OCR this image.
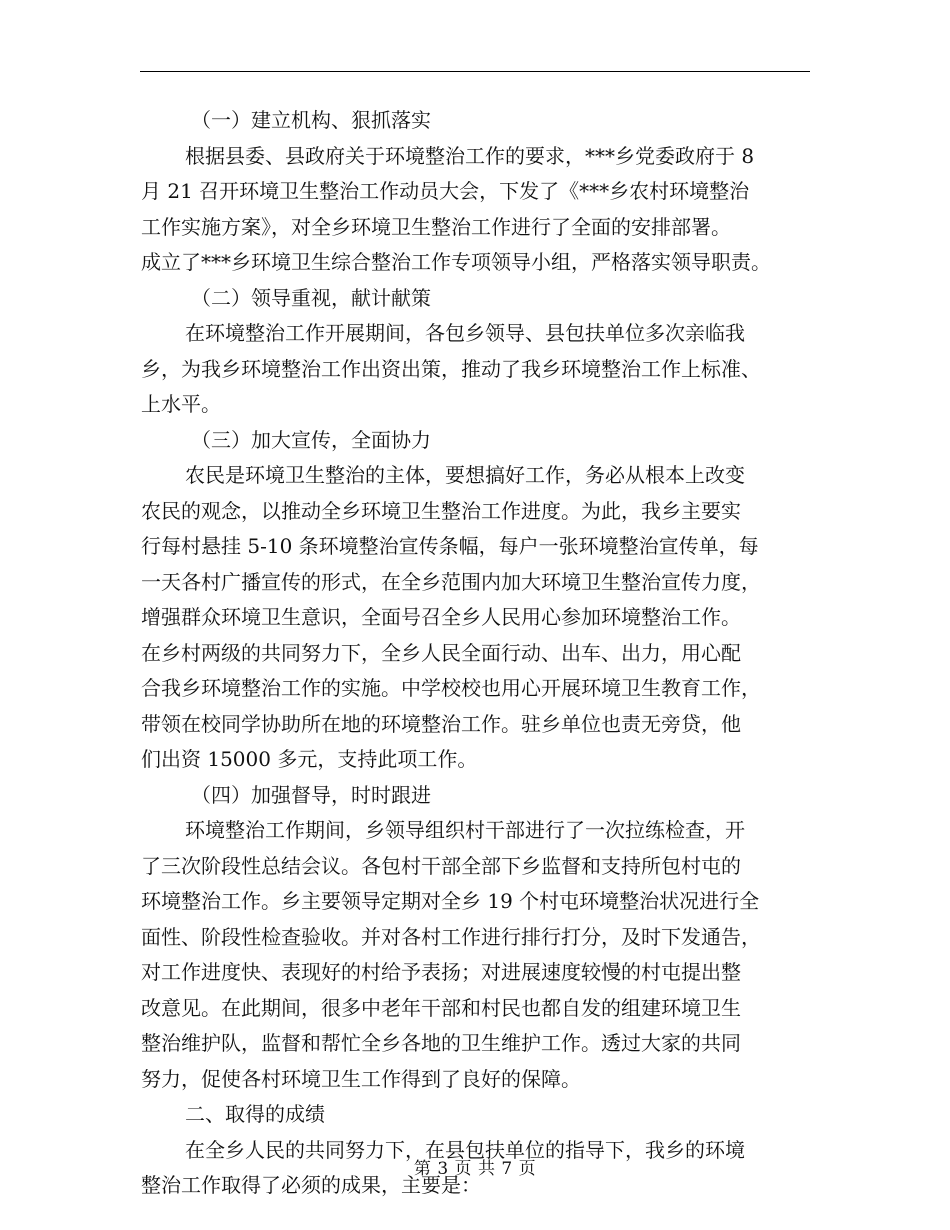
（一）建立机构、狠抓落实
根据县委、县政府关于环境整治工作的要求，***乡党委政府于 8
月 21 召开环境卫生整治工作动员大会，下发了《***乡农村环境整治
工作实施方案》，对全乡环境卫生整治工作进行了全面的安排部署。
成立了***乡环境卫生综合整治工作专项领导小组，严格落实领导职责。
（二）领导重视，献计献策
在环境整治工作开展期间，各包乡领导、县包扶单位多次亲临我
乡，为我乡环境整治工作出资出策，推动了我乡环境整治工作上标准、
上水平。
（三）加大宣传，全面协力
农民是环境卫生整治的主体，要想搞好工作，务必从根本上改变
农民的观念，以推动全乡环境卫生整治工作进度。为此，我乡主要实
行每村悬挂 5-10 条环境整治宣传条幅，每户一张环境整治宣传单，每
一天各村广播宣传的形式，在全乡范围内加大环境卫生整治宣传力度，
增强群众环境卫生意识，全面号召全乡人民用心参加环境整治工作。
在乡村两级的共同努力下，全乡人民全面行动、出车、出力，用心配
合我乡环境整治工作的实施。中学校校也用心开展环境卫生教育工作，
带领在校同学协助所在地的环境整治工作。驻乡单位也责无旁贷，他
们出资 15000 多元，支持此项工作。
（四）加强督导，时时跟进
环境整治工作期间，乡领导组织村干部进行了一次拉练检查，开
了三次阶段性总结会议。各包村干部全部下乡监督和支持所包村屯的
环境整治工作。乡主要领导定期对全乡 19 个村屯环境整治状况进行全
面性、阶段性检查验收。并对各村工作进行排行打分，及时下发通告，
对工作进度快、表现好的村给予表扬；对进展速度较慢的村屯提出整
改意见。在此期间，很多中老年干部和村民也都自发的组建环境卫生
整治维护队，监督和帮忙全乡各地的卫生维护工作。透过大家的共同
努力，促使各村环境卫生工作得到了良好的保障。
二、取得的成绩
在全乡人民的共同努力下，在县包扶单位的指导下，我乡的环境
整治工作取得了必须的成果，主要是：
第 3 页 共 7 页
